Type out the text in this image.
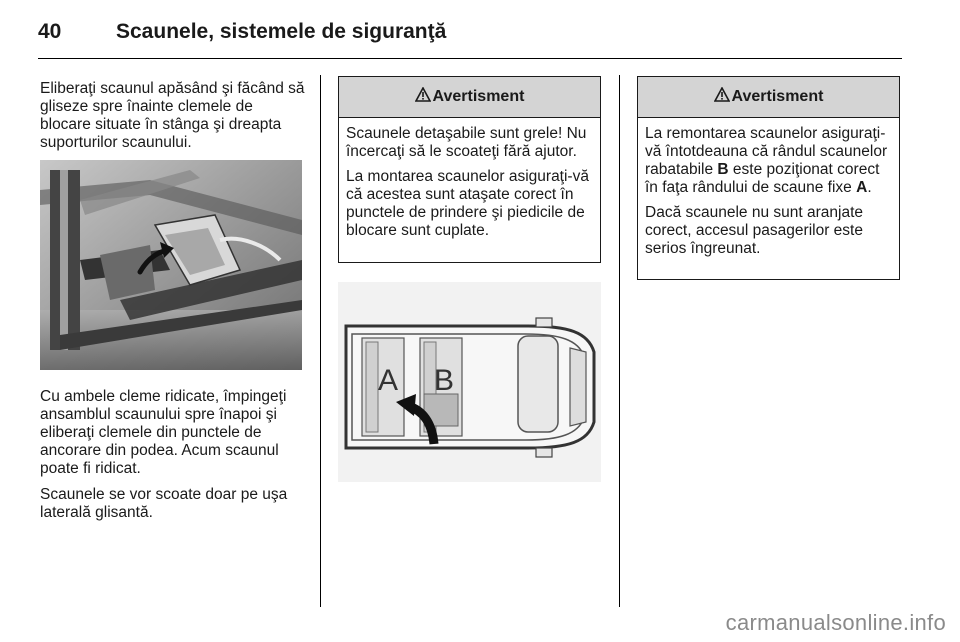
40	Scaunele, sistemele de siguranţă

Eliberaţi scaunul apăsând şi făcând să gliseze spre înainte clemele de blocare situate în stânga şi dreapta suporturilor scaunului.

Cu ambele cleme ridicate, împingeţi ansamblul scaunului spre înapoi şi eliberaţi clemele din punctele de ancorare din podea. Acum scaunul poate fi ridicat.

Scaunele se vor scoate doar pe uşa laterală glisantă.

Avertisment

Scaunele detaşabile sunt grele! Nu încercaţi să le scoateţi fără ajutor.

La montarea scaunelor asiguraţi-vă că acestea sunt ataşate corect în punctele de prindere şi piedicile de blocare sunt cuplate.

A B
Avertisment

La remontarea scaunelor asiguraţi-vă întotdeauna că rândul scaunelor rabatabile B este poziţionat corect în faţa rândului de scaune fixe A.

Dacă scaunele nu sunt aranjate corect, accesul pasagerilor este serios îngreunat.

carmanualsonline.info
